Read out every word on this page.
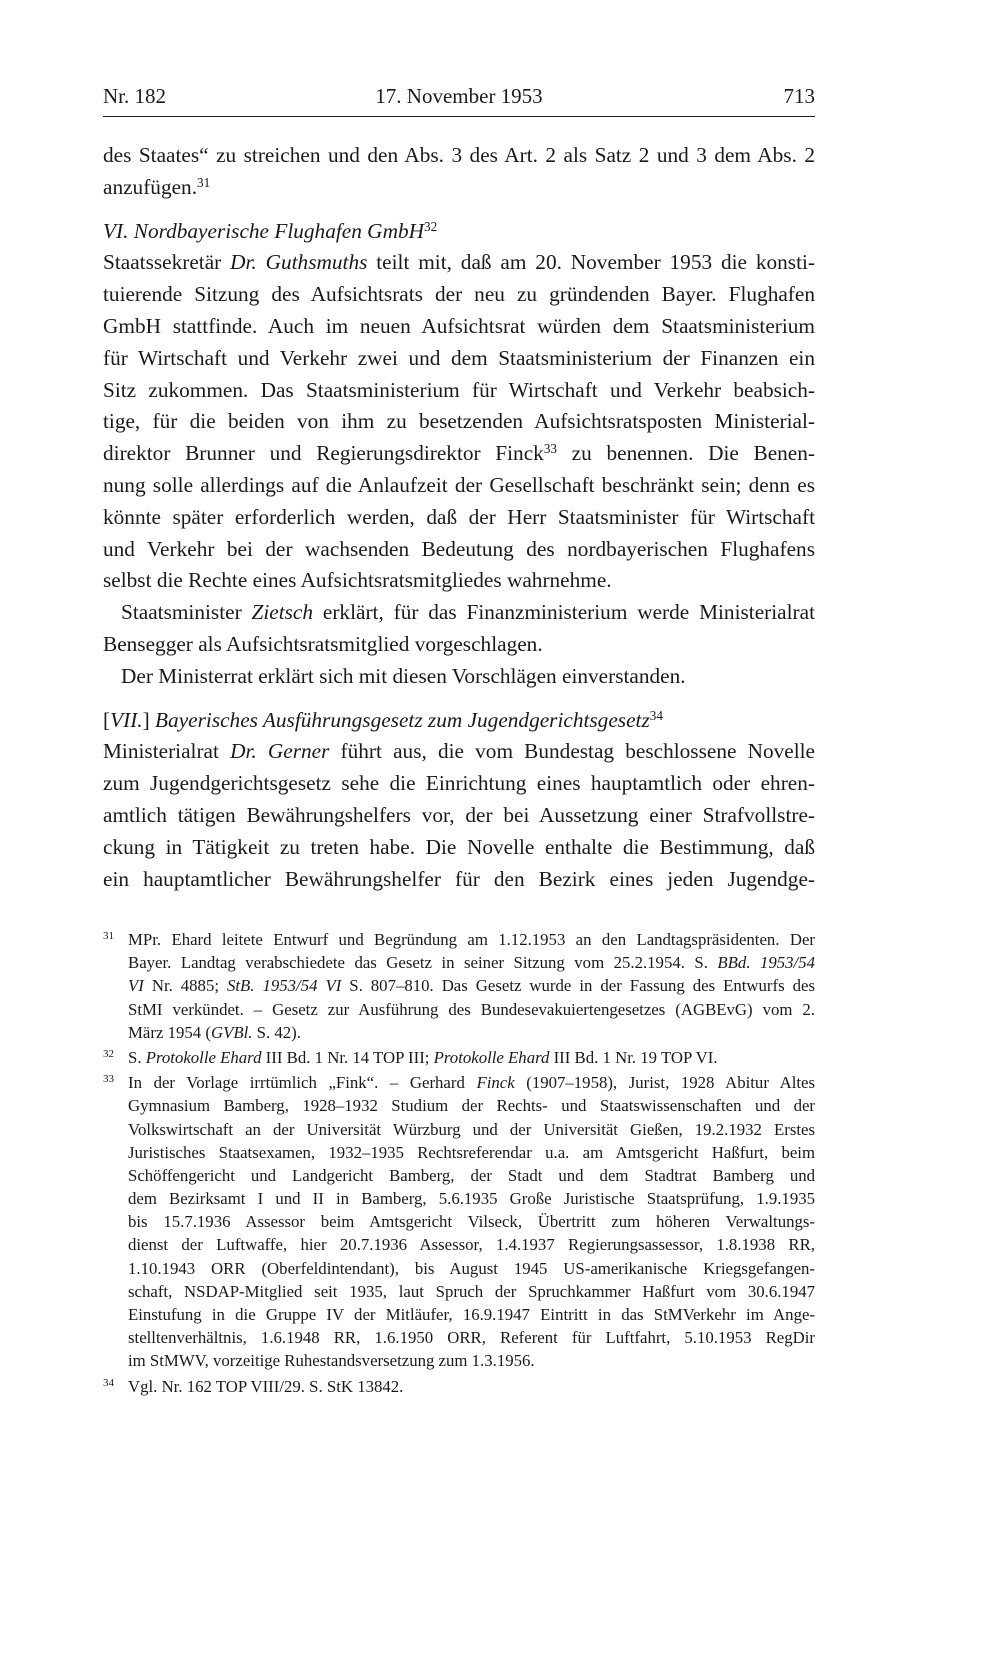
Nr. 182	17. November 1953	713
des Staates“ zu streichen und den Abs. 3 des Art. 2 als Satz 2 und 3 dem Abs. 2
anzufügen.$^{31}$
VI. Nordbayerische Flughafen GmbH$^{32}$
Staatssekretär Dr. Guthsmuths teilt mit, daß am 20. November 1953 die konsti-
tuierende Sitzung des Aufsichtsrats der neu zu gründenden Bayer. Flughafen
GmbH stattfinde. Auch im neuen Aufsichtsrat würden dem Staatsministerium
für Wirtschaft und Verkehr zwei und dem Staatsministerium der Finanzen ein
Sitz zukommen. Das Staatsministerium für Wirtschaft und Verkehr beabsich-
tige, für die beiden von ihm zu besetzenden Aufsichtsratsposten Ministerial-
direktor Brunner und Regierungsdirektor Finck$^{33}$ zu benennen. Die Benen-
nung solle allerdings auf die Anlaufzeit der Gesellschaft beschränkt sein; denn es
könnte später erforderlich werden, daß der Herr Staatsminister für Wirtschaft
und Verkehr bei der wachsenden Bedeutung des nordbayerischen Flughafens
selbst die Rechte eines Aufsichtsratsmitgliedes wahrnehme.
Staatsminister Zietsch erklärt, für das Finanzministerium werde Ministerialrat
Bensegger als Aufsichtsratsmitglied vorgeschlagen.
Der Ministerrat erklärt sich mit diesen Vorschlägen einverstanden.
[VII.] Bayerisches Ausführungsgesetz zum Jugendgerichtsgesetz$^{34}$
Ministerialrat Dr. Gerner führt aus, die vom Bundestag beschlossene Novelle
zum Jugendgerichtsgesetz sehe die Einrichtung eines hauptamtlich oder ehren-
amtlich tätigen Bewährungshelfers vor, der bei Aussetzung einer Strafvollstre-
ckung in Tätigkeit zu treten habe. Die Novelle enthalte die Bestimmung, daß
ein hauptamtlicher Bewährungshelfer für den Bezirk eines jeden Jugendge-
31 MPr. Ehard leitete Entwurf und Begründung am 1.12.1953 an den Landtagspräsidenten. Der
Bayer. Landtag verabschiedete das Gesetz in seiner Sitzung vom 25.2.1954. S. BBd. 1953/54
VI Nr. 4885; StB. 1953/54 VI S. 807–810. Das Gesetz wurde in der Fassung des Entwurfs des
StMI verkündet. – Gesetz zur Ausführung des Bundesevakuiertengesetzes (AGBEvG) vom 2.
März 1954 (GVBl. S. 42).
32 S. Protokolle Ehard III Bd. 1 Nr. 14 TOP III; Protokolle Ehard III Bd. 1 Nr. 19 TOP VI.
33 In der Vorlage irrtümlich „Fink“. – Gerhard Finck (1907–1958), Jurist, 1928 Abitur Altes
Gymnasium Bamberg, 1928–1932 Studium der Rechts- und Staatswissenschaften und der
Volkswirtschaft an der Universität Würzburg und der Universität Gießen, 19.2.1932 Erstes
Juristisches Staatsexamen, 1932–1935 Rechtsreferendar u.a. am Amtsgericht Haßfurt, beim
Schöffengericht und Landgericht Bamberg, der Stadt und dem Stadtrat Bamberg und
dem Bezirksamt I und II in Bamberg, 5.6.1935 Große Juristische Staatsprüfung, 1.9.1935
bis 15.7.1936 Assessor beim Amtsgericht Vilseck, Übertritt zum höheren Verwaltungs-
dienst der Luftwaffe, hier 20.7.1936 Assessor, 1.4.1937 Regierungsassessor, 1.8.1938 RR,
1.10.1943 ORR (Oberfeldintendant), bis August 1945 US-amerikanische Kriegsgefangen-
schaft, NSDAP-Mitglied seit 1935, laut Spruch der Spruchkammer Haßfurt vom 30.6.1947
Einstufung in die Gruppe IV der Mitläufer, 16.9.1947 Eintritt in das StMVerkehr im Ange-
stelltenverhältnis, 1.6.1948 RR, 1.6.1950 ORR, Referent für Luftfahrt, 5.10.1953 RegDir
im StMWV, vorzeitige Ruhestandsversetzung zum 1.3.1956.
34 Vgl. Nr. 162 TOP VIII/29. S. StK 13842.
